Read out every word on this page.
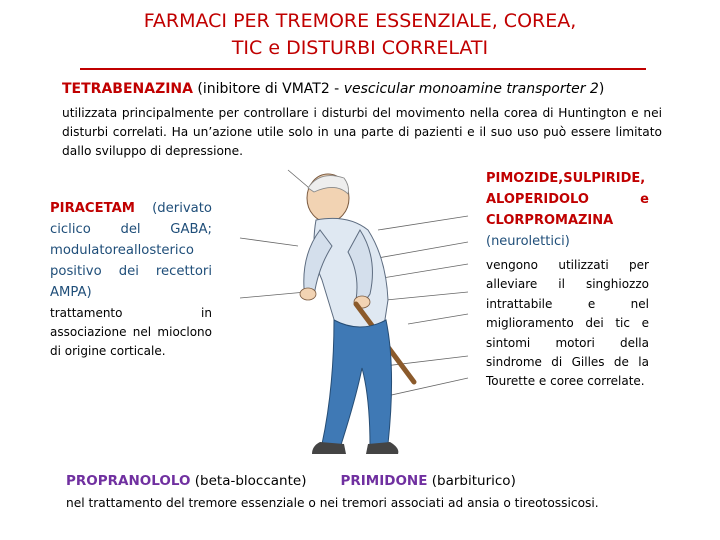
FARMACI PER TREMORE ESSENZIALE, COREA,
TIC e DISTURBI CORRELATI
TETRABENAZINA (inibitore di VMAT2 - vescicular monoamine transporter 2)
utilizzata principalmente per controllare i disturbi del movimento nella corea di Huntington e nei disturbi correlati. Ha un’azione utile solo in una parte di pazienti e il suo uso può essere limitato dallo sviluppo di depressione.
PIRACETAM (derivato ciclico del GABA; modulatoreallosterico positivo dei recettori AMPA)
trattamento in associazione nel mioclono di origine corticale.
PIMOZIDE,SULPIRIDE, ALOPERIDOLO e CLORPROMAZINA
(neurolettici)
vengono utilizzati per alleviare il singhiozzo intrattabile e nel miglioramento dei tic e sintomi motori della sindrome di Gilles de la Tourette e coree correlate.
PROPRANOLOLO (beta-bloccante)	PRIMIDONE (barbiturico)
nel trattamento del tremore essenziale o nei tremori associati ad ansia o tireotossicosi.
